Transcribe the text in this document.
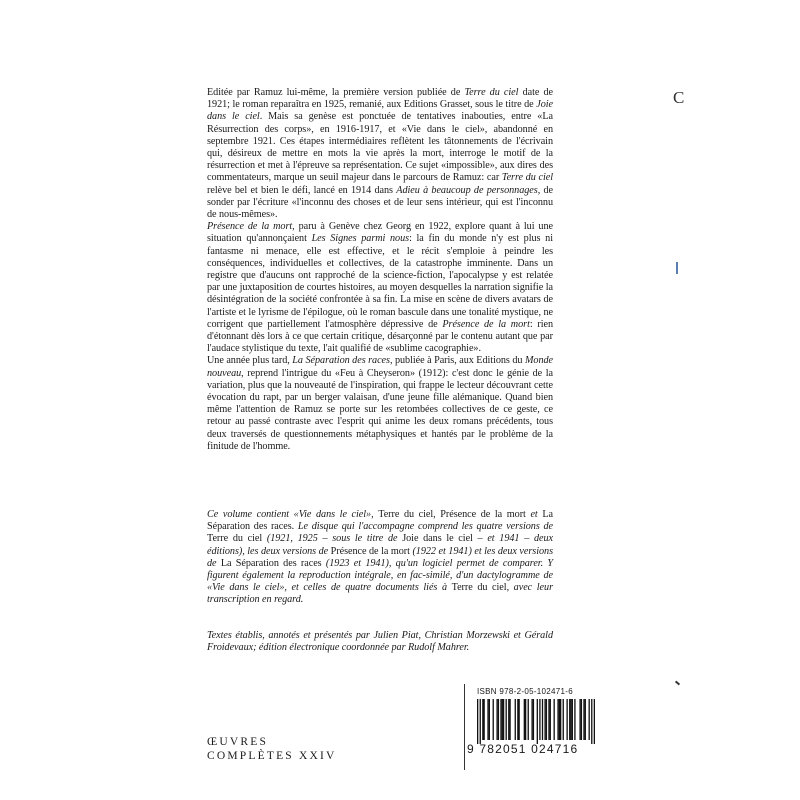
Editée par Ramuz lui-même, la première version publiée de Terre du ciel date de 1921; le roman reparaîtra en 1925, remanié, aux Editions Grasset, sous le titre de Joie dans le ciel. Mais sa genèse est ponctuée de tentatives inabouties, entre «La Résurrection des corps», en 1916-1917, et «Vie dans le ciel», abandonné en septembre 1921. Ces étapes intermédiaires reflètent les tâtonnements de l'écrivain qui, désireux de mettre en mots la vie après la mort, interroge le motif de la résurrection et met à l'épreuve sa représentation. Ce sujet «impossible», aux dires des commentateurs, marque un seuil majeur dans le parcours de Ramuz: car Terre du ciel relève bel et bien le défi, lancé en 1914 dans Adieu à beaucoup de personnages, de sonder par l'écriture «l'inconnu des choses et de leur sens intérieur, qui est l'inconnu de nous-mêmes».

Présence de la mort, paru à Genève chez Georg en 1922, explore quant à lui une situation qu'annonçaient Les Signes parmi nous: la fin du monde n'y est plus ni fantasme ni menace, elle est effective, et le récit s'emploie à peindre les conséquences, individuelles et collectives, de la catastrophe imminente. Dans un registre que d'aucuns ont rapproché de la science-fiction, l'apocalypse y est relatée par une juxtaposition de courtes histoires, au moyen desquelles la narration signifie la désintégration de la société confrontée à sa fin. La mise en scène de divers avatars de l'artiste et le lyrisme de l'épilogue, où le roman bascule dans une tonalité mystique, ne corrigent que partiellement l'atmosphère dépressive de Présence de la mort: rien d'étonnant dès lors à ce que certain critique, désarçonné par le contenu autant que par l'audace stylistique du texte, l'ait qualifié de «sublime cacographie».

Une année plus tard, La Séparation des races, publiée à Paris, aux Editions du Monde nouveau, reprend l'intrigue du «Feu à Cheyseron» (1912): c'est donc le génie de la variation, plus que la nouveauté de l'inspiration, qui frappe le lecteur découvrant cette évocation du rapt, par un berger valaisan, d'une jeune fille alémanique. Quand bien même l'attention de Ramuz se porte sur les retombées collectives de ce geste, ce retour au passé contraste avec l'esprit qui anime les deux romans précédents, tous deux traversés de questionnements métaphysiques et hantés par le problème de la finitude de l'homme.

Ce volume contient «Vie dans le ciel», Terre du ciel, Présence de la mort et La Séparation des races. Le disque qui l'accompagne comprend les quatre versions de Terre du ciel (1921, 1925 – sous le titre de Joie dans le ciel – et 1941 – deux éditions), les deux versions de Présence de la mort (1922 et 1941) et les deux versions de La Séparation des races (1923 et 1941), qu'un logiciel permet de comparer. Y figurent également la reproduction intégrale, en fac-similé, d'un dactylogramme de «Vie dans le ciel», et celles de quatre documents liés à Terre du ciel, avec leur transcription en regard.

Textes établis, annotés et présentés par Julien Piat, Christian Morzewski et Gérald Froidevaux; édition électronique coordonnée par Rudolf Mahrer.
ŒUVRES
COMPLÈTES XXIV
ISBN 978-2-05-102471-6
9 782051 024716
C
